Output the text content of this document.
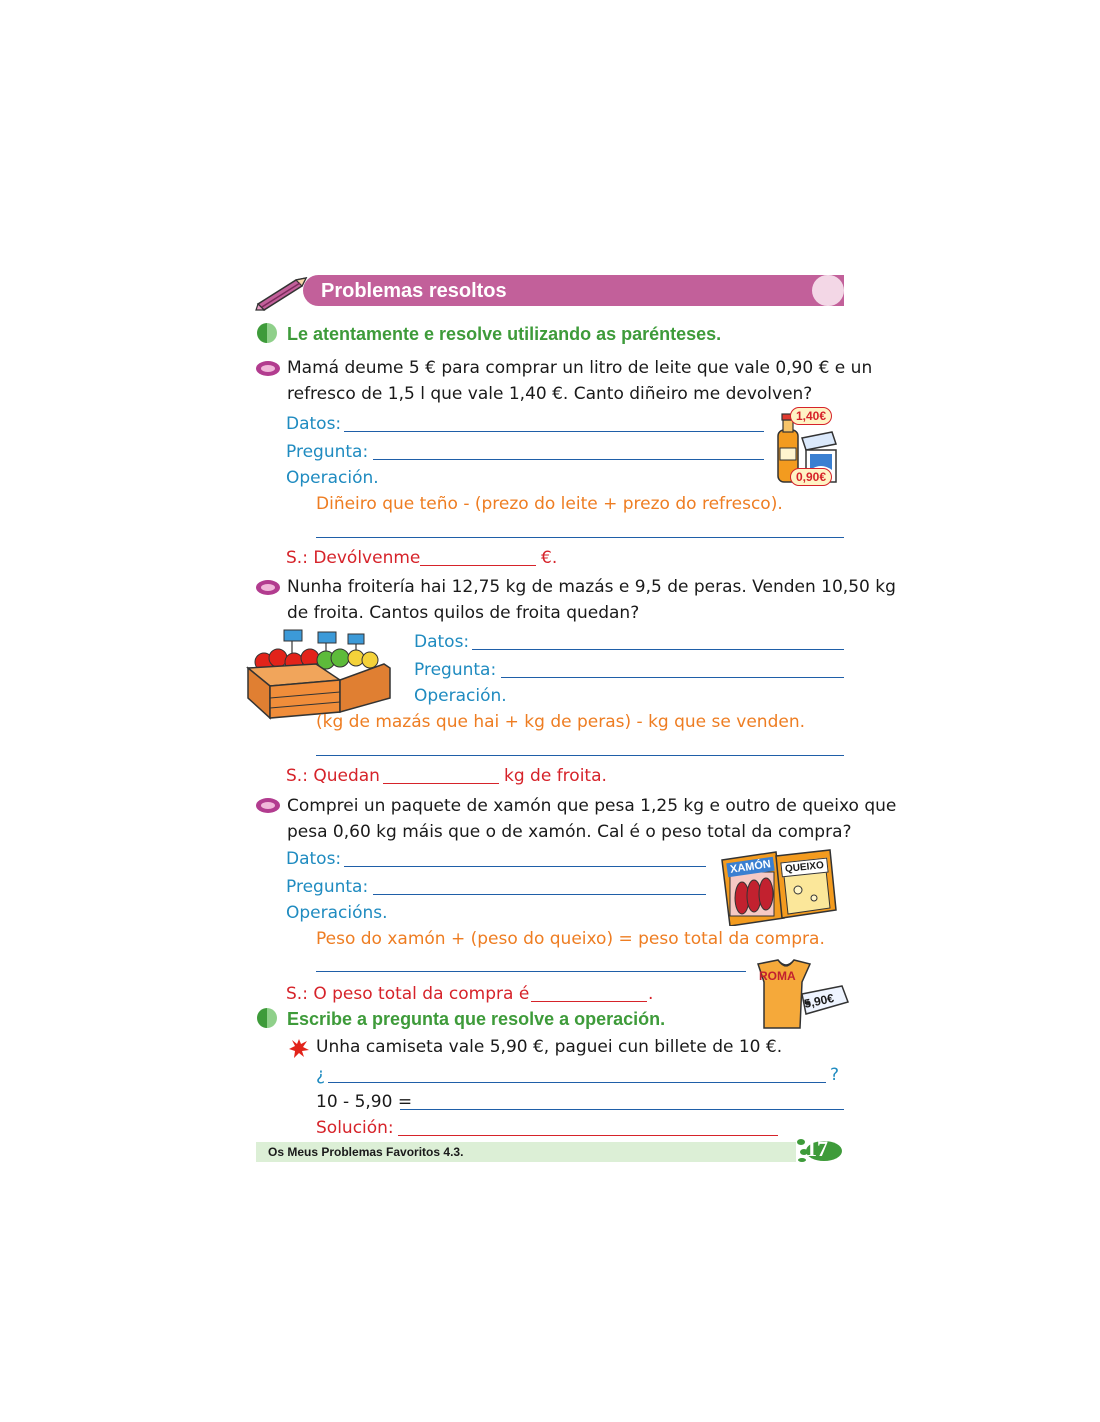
Problemas resoltos
Le atentamente e resolve utilizando as parénteses.
Mamá deume 5 € para comprar un litro de leite que vale 0,90 € e un
refresco de 1,5 l que vale 1,40 €. Canto diñeiro me devolven?
Datos:
Pregunta:
Operación.
Diñeiro que teño - (prezo do leite + prezo do refresco).
S.: Devólvenme	€.
1,40€
0,90€
Nunha froitería hai 12,75 kg de mazás e 9,5 de peras. Venden 10,50 kg
de froita. Cantos quilos de froita quedan?
Datos:
Pregunta:
Operación.
(kg de mazás que hai + kg de peras) - kg que se venden.
S.: Quedan	kg de froita.
Comprei un paquete de xamón que pesa 1,25 kg e outro de queixo que
pesa 0,60 kg máis que o de xamón. Cal é o peso total da compra?
Datos:
Pregunta:
Operacións.
Peso do xamón + (peso do queixo) = peso total da compra.
S.: O peso total da compra é	.
XAMÓN	QUEIXO
ROMA
5,90€
Escribe a pregunta que resolve a operación.
Unha camiseta vale 5,90 €, paguei cun billete de 10 €.
¿	?
10 - 5,90 =
Solución:
Os Meus Problemas Favoritos 4.3.	17
